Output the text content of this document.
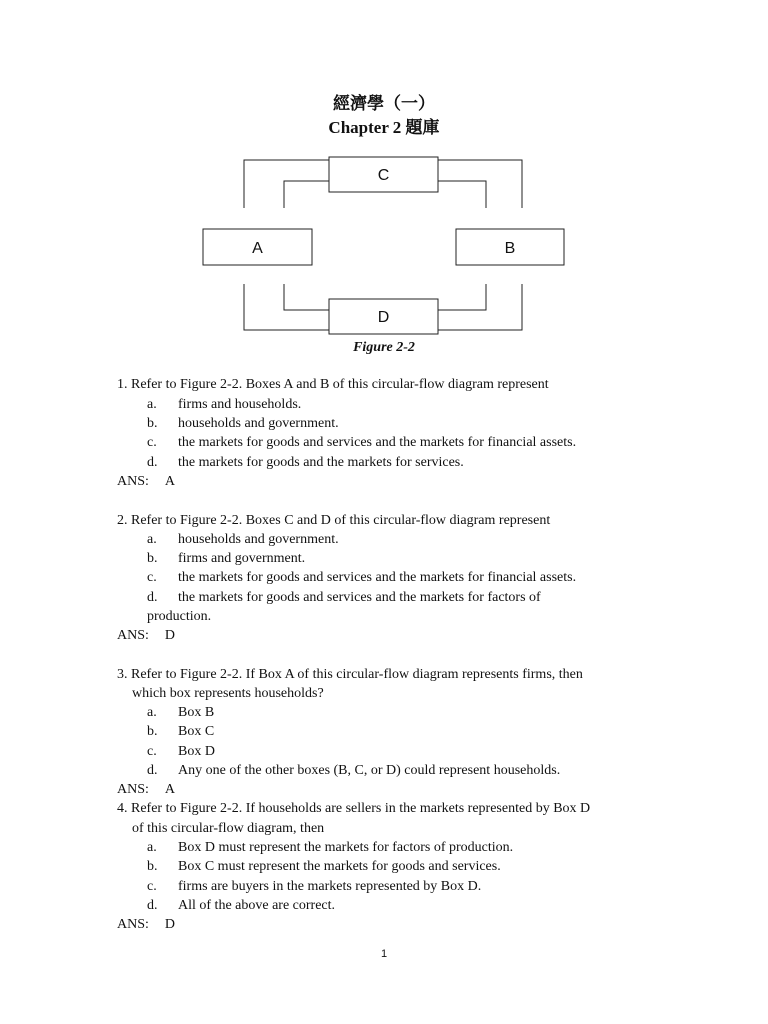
經濟學（一）
Chapter 2 題庫
C
A	B
D
Figure 2-2
1. Refer to Figure 2-2. Boxes A and B of this circular-flow diagram represent
a. firms and households.
b. households and government.
c. the markets for goods and services and the markets for financial assets.
d. the markets for goods and the markets for services.
ANS: A
2. Refer to Figure 2-2. Boxes C and D of this circular-flow diagram represent
a. households and government.
b. firms and government.
c. the markets for goods and services and the markets for financial assets.
d. the markets for goods and services and the markets for factors of
production.
ANS: D
3. Refer to Figure 2-2. If Box A of this circular-flow diagram represents firms, then
which box represents households?
a. Box B
b. Box C
c. Box D
d. Any one of the other boxes (B, C, or D) could represent households.
ANS: A
4. Refer to Figure 2-2. If households are sellers in the markets represented by Box D
of this circular-flow diagram, then
a. Box D must represent the markets for factors of production.
b. Box C must represent the markets for goods and services.
c. firms are buyers in the markets represented by Box D.
d. All of the above are correct.
ANS: D
1
